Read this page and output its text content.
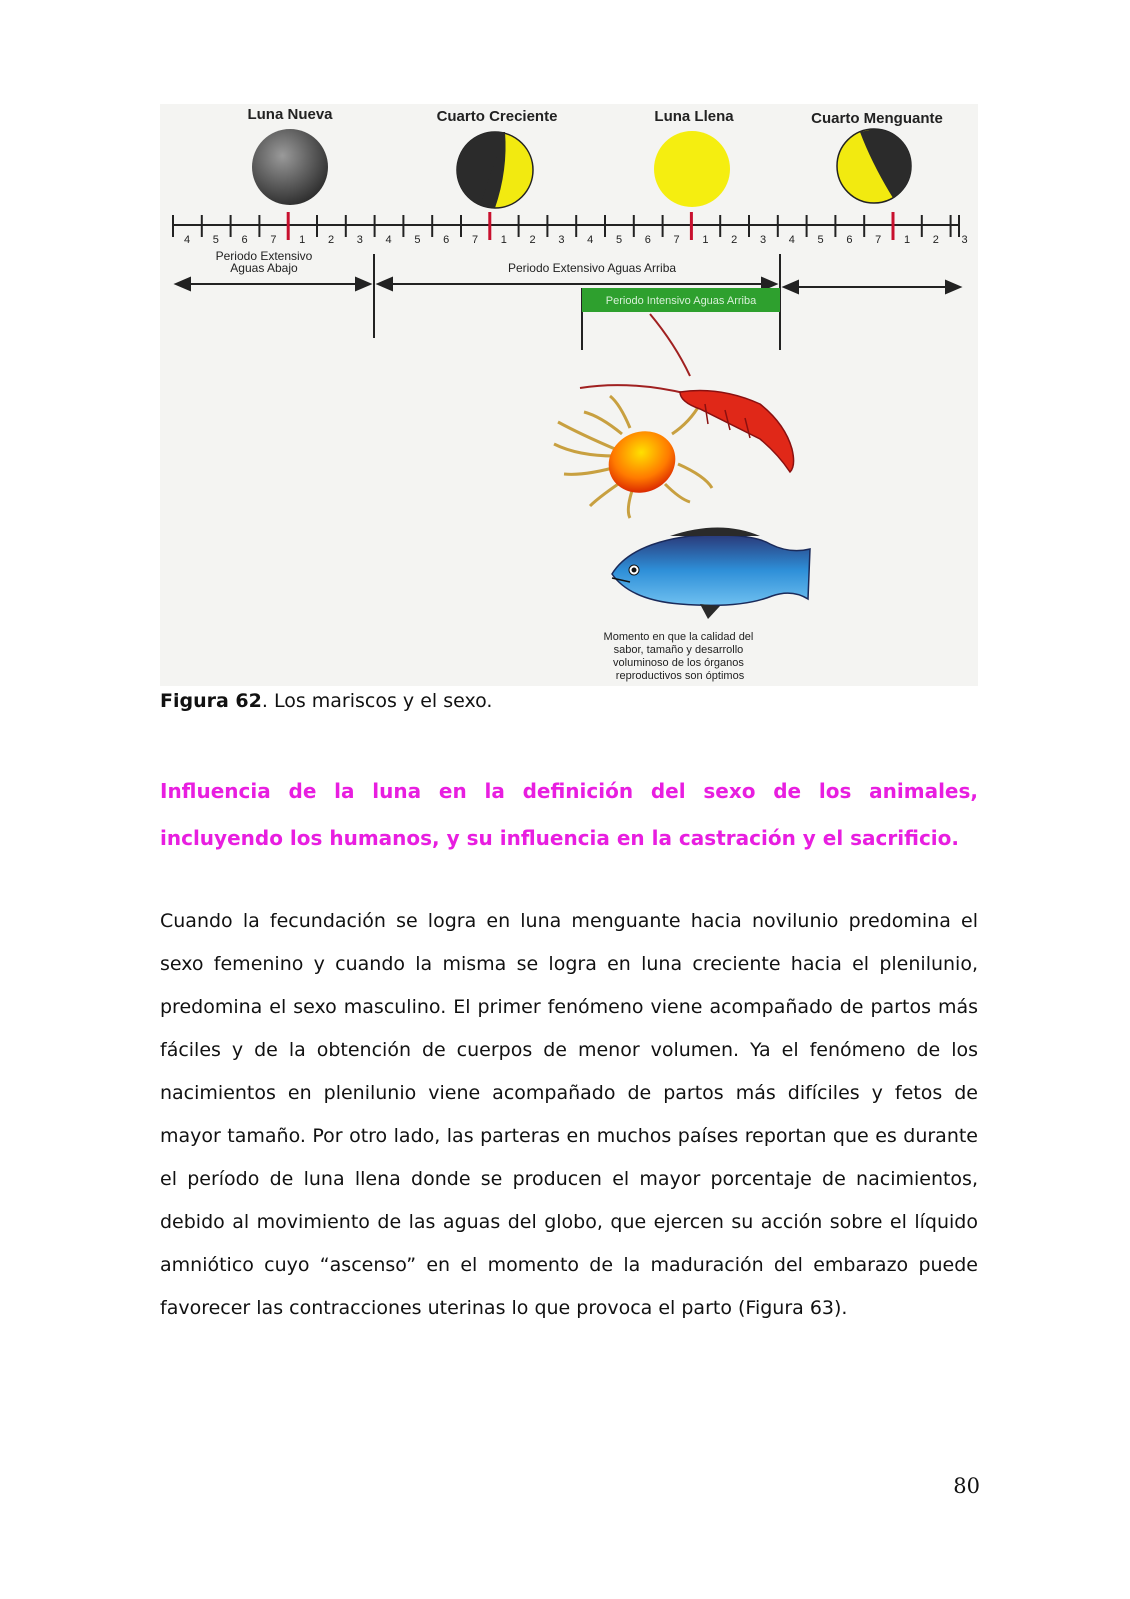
Luna Nueva	Cuarto Creciente	Luna Llena	Cuarto Menguante
4 5 6 7 1 2 3 4 5 6 7 1 2 3 4 5 6 7 1 2 3 4 5 6 7 1 2 3
Periodo Extensivo Aguas Abajo	Periodo Extensivo Aguas Arriba
Periodo Intensivo Aguas Arriba
Momento en que la calidad del sabor, tamaño y desarrollo voluminoso de los órganos reproductivos son óptimos
Figura 62. Los mariscos y el sexo.
Influencia de la luna en la definición del sexo de los animales, incluyendo los humanos, y su influencia en la castración y el sacrificio.
Cuando la fecundación se logra en luna menguante hacia novilunio predomina el sexo femenino y cuando la misma se logra en luna creciente hacia el plenilunio, predomina el sexo masculino. El primer fenómeno viene acompañado de partos más fáciles y de la obtención de cuerpos de menor volumen. Ya el fenómeno de los nacimientos en plenilunio viene acompañado de partos más difíciles y fetos de mayor tamaño. Por otro lado, las parteras en muchos países reportan que es durante el período de luna llena donde se producen el mayor porcentaje de nacimientos, debido al movimiento de las aguas del globo, que ejercen su acción sobre el líquido amniótico cuyo “ascenso” en el momento de la maduración del embarazo puede favorecer las contracciones uterinas lo que provoca el parto (Figura 63).
80
